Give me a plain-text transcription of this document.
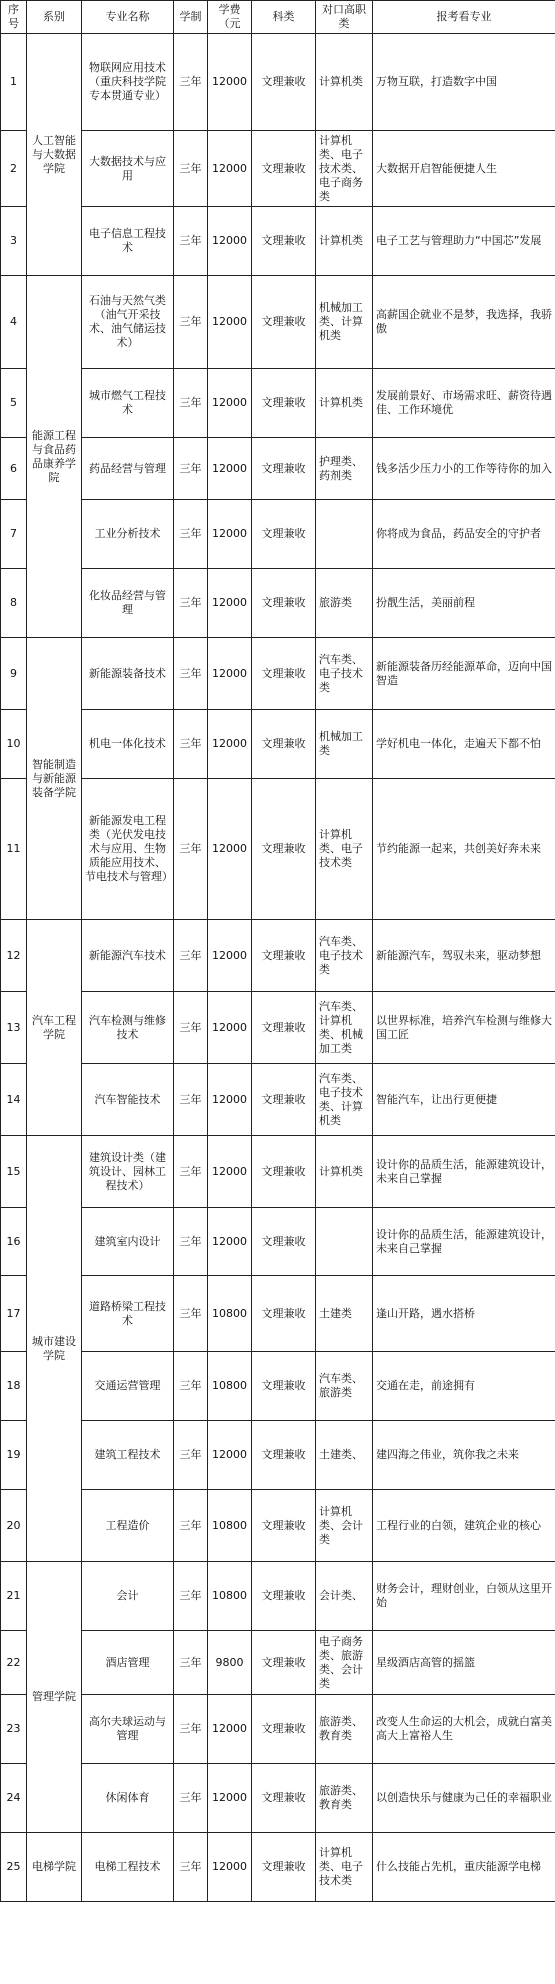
序号	系别	专业名称	学制	学费（元	科类	对口高职类	报考看专业
1	人工智能与大数据学院	物联网应用技术（重庆科技学院专本贯通专业）	三年	12000	文理兼收	计算机类	万物互联，打造数字中国
2		大数据技术与应用	三年	12000	文理兼收	计算机类、电子技术类、电子商务类	大数据开启智能便捷人生
3		电子信息工程技术	三年	12000	文理兼收	计算机类	电子工艺与管理助力“中国芯”发展
4	能源工程与食品药品康养学院	石油与天然气类（油气开采技术、油气储运技术）	三年	12000	文理兼收	机械加工类、计算机类	高薪国企就业不是梦，我选择，我骄傲
5		城市燃气工程技术	三年	12000	文理兼收	计算机类	发展前景好、市场需求旺、薪资待遇佳、工作环境优
6		药品经营与管理	三年	12000	文理兼收	护理类、药剂类	钱多活少压力小的工作等待你的加入
7		工业分析技术	三年	12000	文理兼收		你将成为食品，药品安全的守护者
8		化妆品经营与管理	三年	12000	文理兼收	旅游类	扮靓生活，美丽前程
9	智能制造与新能源装备学院	新能源装备技术	三年	12000	文理兼收	汽车类、电子技术类	新能源装备历经能源革命，迈向中国智造
10		机电一体化技术	三年	12000	文理兼收	机械加工类	学好机电一体化，走遍天下都不怕
11		新能源发电工程类（光伏发电技术与应用、生物质能应用技术、节电技术与管理）	三年	12000	文理兼收	计算机类、电子技术类	节约能源一起来，共创美好奔未来
12	汽车工程学院	新能源汽车技术	三年	12000	文理兼收	汽车类、电子技术类	新能源汽车，驾驭未来，驱动梦想
13		汽车检测与维修技术	三年	12000	文理兼收	汽车类、计算机类、机械加工类	以世界标准，培养汽车检测与维修大国工匠
14		汽车智能技术	三年	12000	文理兼收	汽车类、电子技术类、计算机类	智能汽车，让出行更便捷
15	城市建设学院	建筑设计类（建筑设计、园林工程技术）	三年	12000	文理兼收	计算机类	设计你的品质生活，能源建筑设计，未来自己掌握
16		建筑室内设计	三年	12000	文理兼收		设计你的品质生活，能源建筑设计，未来自己掌握
17		道路桥梁工程技术	三年	10800	文理兼收	土建类	逢山开路，遇水搭桥
18		交通运营管理	三年	10800	文理兼收	汽车类、旅游类	交通在走，前途拥有
19		建筑工程技术	三年	12000	文理兼收	土建类、	建四海之伟业，筑你我之未来
20		工程造价	三年	10800	文理兼收	计算机类、会计类	工程行业的白领，建筑企业的核心
21	管理学院	会计	三年	10800	文理兼收	会计类、	财务会计，理财创业，白领从这里开始
22		酒店管理	三年	9800	文理兼收	电子商务类、旅游类、会计类	星级酒店高管的摇篮
23		高尔夫球运动与管理	三年	12000	文理兼收	旅游类、教育类	改变人生命运的大机会，成就白富美高大上富裕人生
24		休闲体育	三年	12000	文理兼收	旅游类、教育类	以创造快乐与健康为己任的幸福职业
25	电梯学院	电梯工程技术	三年	12000	文理兼收	计算机类、电子技术类	什么技能占先机，重庆能源学电梯
